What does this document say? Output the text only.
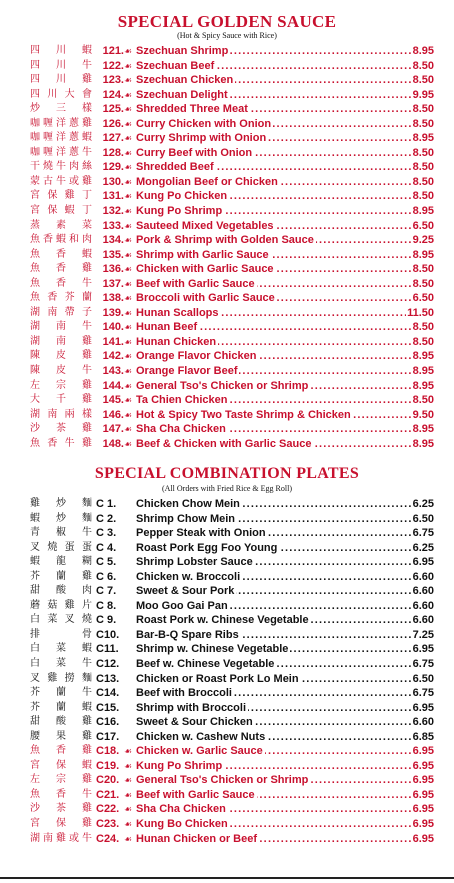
SPECIAL GOLDEN SAUCE

(Hot & Spicy Sauce with Rice)

四川蝦 121. ☙ Szechuan Shrimp .....	8.95
四川牛 122. ☙ Szechuan Beef .....	8.50
四川雞 123. ☙ Szechuan Chicken .....	8.50
四川大會 124. ☙ Szechuan Delight .....	9.95
炒三樣 125. ☙ Shredded Three Meat .....	8.50
咖喱洋蔥雞 126. ☙ Curry Chicken with Onion .....	8.50
咖喱洋蔥蝦 127. ☙ Curry Shrimp with Onion .....	8.95
咖喱洋蔥牛 128. ☙ Curry Beef with Onion .....	8.50
干燒牛肉絲 129. ☙ Shredded Beef .....	8.50
蒙古牛或雞 130. ☙ Mongolian Beef or Chicken .....	8.50
宮保雞丁 131. ☙ Kung Po Chicken .....	8.50
宮保蝦丁 132. ☙ Kung Po Shrimp .....	8.95
蒸素菜 133. ☙ Sauteed Mixed Vegetables .....	6.50
魚香蝦和肉 134. ☙ Pork & Shrimp with Golden Sauce .....	9.25
魚香蝦 135. ☙ Shrimp with Garlic Sauce .....	8.95
魚香雞 136. ☙ Chicken with Garlic Sauce .....	8.50
魚香牛 137. ☙ Beef with Garlic Sauce .....	8.50
魚香芥蘭 138. ☙ Broccoli with Garlic Sauce .....	6.50
湖南帶子 139. ☙ Hunan Scallops .....	11.50
湖南牛 140. ☙ Hunan Beef .....	8.50
湖南雞 141. ☙ Hunan Chicken .....	8.50
陳皮雞 142. ☙ Orange Flavor Chicken .....	8.95
陳皮牛 143. ☙ Orange Flavor Beef .....	8.95
左宗雞 144. ☙ General Tso's Chicken or Shrimp .....	8.95
大千雞 145. ☙ Ta Chien Chicken .....	8.50
湖南兩樣 146. ☙ Hot & Spicy Two Taste Shrimp & Chicken .....	9.50
沙茶雞 147. ☙ Sha Cha Chicken .....	8.95
魚香牛雞 148. ☙ Beef & Chicken with Garlic Sauce .....	8.95
SPECIAL COMBINATION PLATES

(All Orders with Fried Rice & Egg Roll)

雞炒麵 C 1. Chicken Chow Mein .....	6.25
蝦炒麵 C 2. Shrimp Chow Mein .....	6.50
青椒牛 C 3. Pepper Steak with Onion .....	6.75
叉燒蛋蛋 C 4. Roast Pork Egg Foo Young .....	6.25
蝦龍糊 C 5. Shrimp Lobster Sauce .....	6.95
芥蘭雞 C 6. Chicken w. Broccoli .....	6.60
甜酸肉 C 7. Sweet & Sour Pork .....	6.60
蘑菇雞片 C 8. Moo Goo Gai Pan .....	6.60
白菜叉燒 C 9. Roast Pork w. Chinese Vegetable .....	6.60
排骨 C10. Bar-B-Q Spare Ribs .....	7.25
白菜蝦 C11. Shrimp w. Chinese Vegetable .....	6.95
白菜牛 C12. Beef w. Chinese Vegetable .....	6.75
叉雞撈麵 C13. Chicken or Roast Pork Lo Mein .....	6.50
芥蘭牛 C14. Beef with Broccoli .....	6.75
芥蘭蝦 C15. Shrimp with Broccoli .....	6.95
甜酸雞 C16. Sweet & Sour Chicken .....	6.60
腰果雞 C17. Chicken w. Cashew Nuts .....	6.85
魚香雞 C18. ☙ Chicken w. Garlic Sauce .....	6.95
宮保蝦 C19. ☙ Kung Po Shrimp .....	6.95
左宗雞 C20. ☙ General Tso's Chicken or Shrimp .....	6.95
魚香牛 C21. ☙ Beef with Garlic Sauce .....	6.95
沙茶雞 C22. ☙ Sha Cha Chicken .....	6.95
宮保雞 C23. ☙ Kung Bo Chicken .....	6.95
湖南雞或牛 C24. ☙ Hunan Chicken or Beef .....	6.95
